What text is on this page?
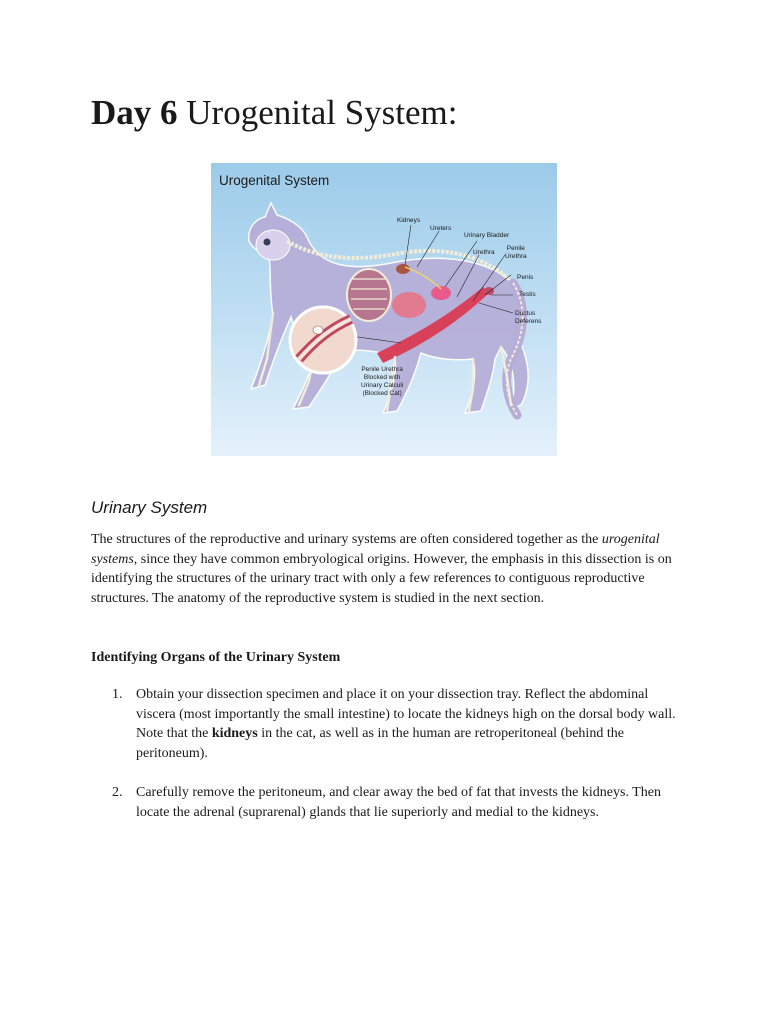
Day 6 Urogenital System:
Urogenital System
Kidneys
Ureters
Urinary Bladder
Urethra
Penile
Urethra
Penis
Testis
Ductus
Deferens
Penile Urethra
Blocked with
Urinary Calculi
(Blocked Cat)
Urinary System

The structures of the reproductive and urinary systems are often considered together as the urogenital systems, since they have common embryological origins. However, the emphasis in this dissection is on identifying the structures of the urinary tract with only a few references to contiguous reproductive structures. The anatomy of the reproductive system is studied in the next section.

Identifying Organs of the Urinary System
1. Obtain your dissection specimen and place it on your dissection tray. Reflect the abdominal viscera (most importantly the small intestine) to locate the kidneys high on the dorsal body wall. Note that the kidneys in the cat, as well as in the human are retroperitoneal (behind the peritoneum).
2. Carefully remove the peritoneum, and clear away the bed of fat that invests the kidneys. Then locate the adrenal (suprarenal) glands that lie superiorly and medial to the kidneys.
